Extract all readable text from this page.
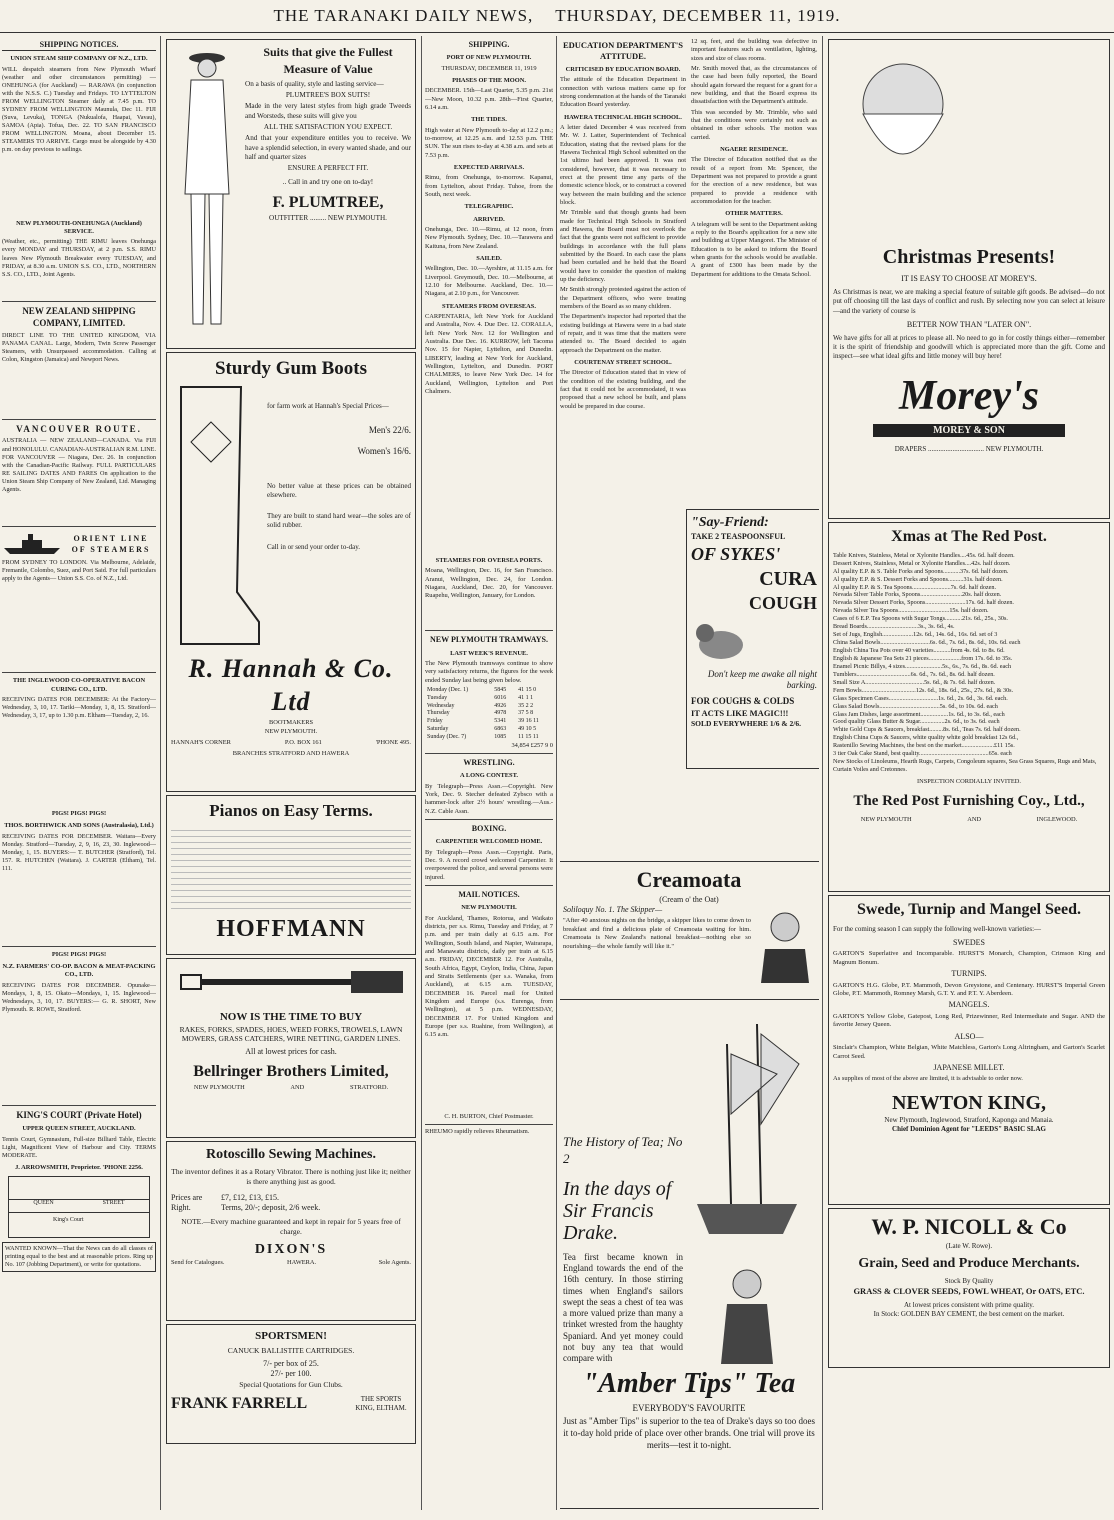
THE TARANAKI DAILY NEWS, THURSDAY, DECEMBER 11, 1919.
SHIPPING NOTICES.
UNION STEAM SHIP COMPANY OF N.Z., LTD.
WILL despatch steamers from New Plymouth Wharf (weather and other circumstances permitting) — ONEHUNGA (for Auckland) — RARAWA (in conjunction with the N.S.S. C.) Tuesday and Fridays. TO LYTTELTON FROM WELLINGTON Steamer daily at 7.45 p.m. TO SYDNEY FROM WELLINGTON Maunula, Dec 11. FIJI (Suva, Levuka), TONGA (Nukualofa, Haapai, Vavau), SAMOA (Apia). Tofua, Dec. 22. TO SAN FRANCISCO FROM WELLINGTON. Moana, about December 15. STEAMERS TO ARRIVE. Cargo must be alongside by 4.30 p.m. on day previous to sailings.
NEW PLYMOUTH-ONEHUNGA (Auckland) SERVICE.
(Weather, etc., permitting) THE RIMU leaves Onehunga every MONDAY and THURSDAY, at 2 p.m. S.S. RIMU leaves New Plymouth Breakwater every TUESDAY, and FRIDAY, at 8.30 a.m. UNION S.S. CO., LTD., NORTHERN S.S. CO., LTD., Joint Agents.
NEW ZEALAND SHIPPING COMPANY, LIMITED.
DIRECT LINE TO THE UNITED KINGDOM, VIA PANAMA CANAL. Large, Modern, Twin Screw Passenger Steamers, with Unsurpassed accommodation. Calling at Colon, Kingston (Jamaica) and Newport News.
VANCOUVER ROUTE.
AUSTRALIA — NEW ZEALAND—CANADA. Via FIJI and HONOLULU. CANADIAN-AUSTRALIAN R.M. LINE. FOR VANCOUVER — Niagara, Dec. 26. In conjunction with the Canadian-Pacific Railway. FULL PARTICULARS RE SAILING DATES AND FARES On application to the Union Steam Ship Company of New Zealand, Ltd. Managing Agents.
ORIENT LINE OF STEAMERS
FROM SYDNEY TO LONDON. Via Melbourne, Adelaide, Fremantle, Colombo, Suez, and Port Said. For full particulars apply to the Agents— Union S.S. Co. of N.Z., Ltd.
THE INGLEWOOD CO-OPERATIVE BACON CURING CO., LTD.
RECEIVING DATES FOR DECEMBER: At the Factory—Wednesday, 3, 10, 17. Tariki—Monday, 1, 8, 15. Stratford—Wednesday, 3, 17, up to 1.30 p.m. Eltham—Tuesday, 2, 16.
PIGS! PIGS! PIGS!
THOS. BORTHWICK AND SONS (Australasia), Ltd.)
RECEIVING DATES FOR DECEMBER. Waitara—Every Monday. Stratford—Tuesday, 2, 9, 16, 23, 30. Inglewood—Monday, 1, 15. BUYERS:— T. BUTCHER (Stratford), Tel. 157. R. HUTCHEN (Waitara). J. CARTER (Eltham), Tel. 111.
PIGS! PIGS! PIGS!
N.Z. FARMERS' CO-OP. BACON & MEAT-PACKING CO., LTD.
RECEIVING DATES FOR DECEMBER. Opunake—Mondays, 1, 8, 15. Okato—Mondays, 1, 15. Inglewood—Wednesdays, 3, 10, 17. BUYERS:— G. R. SHORT, New Plymouth. R. ROWE, Stratford.
KING'S COURT (Private Hotel)
UPPER QUEEN STREET, AUCKLAND.
Tennis Court, Gymnasium, Full-size Billiard Table, Electric Light, Magnificent View of Harbour and City. TERMS MODERATE.
J. ARROWSMITH, Proprietor. 'PHONE 2256.
QUEEN	STREET
King's Court
WANTED KNOWN—That the News can do all classes of printing equal to the best and at reasonable prices. Ring up No. 107 (Jobbing Department), or write for quotations.
Suits that give the Fullest Measure of Value
On a basis of quality, style and lasting service—
PLUMTREE'S BOX SUITS!
Made in the very latest styles from high grade Tweeds and Worsteds, these suits will give you
ALL THE SATISFACTION YOU EXPECT.
And that your expenditure entitles you to receive. We have a splendid selection, in every wanted shade, and our half and quarter sizes
ENSURE A PERFECT FIT.
.. Call in and try one on to-day!
F. PLUMTREE,
OUTFITTER ......... NEW PLYMOUTH.
Sturdy Gum Boots
for farm work at Hannah's Special Prices—
Men's 22/6.
Women's 16/6.
No better value at these prices can be obtained elsewhere.
They are built to stand hard wear—the soles are of solid rubber.
Call in or send your order to-day.
R. Hannah & Co. Ltd
BOOTMAKERS
NEW PLYMOUTH.
HANNAH'S CORNER	P.O. BOX 161	'PHONE 495.
BRANCHES STRATFORD AND HAWERA
Pianos on Easy Terms.
HOFFMANN
NOW IS THE TIME TO BUY
RAKES, FORKS, SPADES, HOES, WEED FORKS, TROWELS, LAWN MOWERS, GRASS CATCHERS, WIRE NETTING, GARDEN LINES.
All at lowest prices for cash.
Bellringer Brothers Limited,
NEW PLYMOUTH	AND	STRATFORD.
Rotoscillo Sewing Machines.
The inventor defines it as a Rotary Vibrator. There is nothing just like it; neither is there anything just as good.
Prices are Right.
£7, £12, £13, £15.
Terms, 20/-; deposit, 2/6 week.
NOTE.—Every machine guaranteed and kept in repair for 5 years free of charge.
DIXON'S
Send for Catalogues.	HAWERA.	Sole Agents.
SPORTSMEN!
CANUCK BALLISTITE CARTRIDGES.
7/- per box of 25.
27/- per 100.
Special Quotations for Gun Clubs.
FRANK FARRELL	THE SPORTS KING, ELTHAM.
SHIPPING.
PORT OF NEW PLYMOUTH.
THURSDAY, DECEMBER 11, 1919
PHASES OF THE MOON.
DECEMBER. 15th—Last Quarter, 5.35 p.m. 21st—New Moon, 10.32 p.m. 28th—First Quarter, 6.14 a.m.
THE TIDES.
High water at New Plymouth to-day at 12.2 p.m.; to-morrow, at 12.25 a.m. and 12.53 p.m. THE SUN. The sun rises to-day at 4.38 a.m. and sets at 7.53 p.m.
EXPECTED ARRIVALS.
Rimu, from Onehunga, to-morrow. Kapanui, from Lyttelton, about Friday. Tuhoe, from the South, next week.
TELEGRAPHIC.
ARRIVED.
Onehunga, Dec. 10.—Rimu, at 12 noon, from New Plymouth. Sydney, Dec. 10.—Tarawera and Kaituna, from New Zealand.
SAILED.
Wellington, Dec. 10.—Ayrshire, at 11.15 a.m. for Liverpool. Greymouth, Dec. 10.—Melbourne, at 12.10 for Melbourne. Auckland, Dec. 10.—Niagara, at 2.10 p.m., for Vancouver.
STEAMERS FROM OVERSEAS.
CARPENTARIA, left New York for Auckland and Australia, Nov. 4. Due Dec. 12. CORALLA, left New York Nov. 12 for Wellington and Australia. Due Dec. 16. KURROW, left Tacoma Nov. 15 for Napier, Lyttelton, and Dunedin. LIBERTY, leading at New York for Auckland, Wellington, Lyttelton, and Dunedin. PORT CHALMERS, to leave New York Dec. 14 for Auckland, Wellington, Lyttelton and Port Chalmers.
STEAMERS FOR OVERSEA PORTS.
Moana, Wellington, Dec. 16, for San Francisco. Aranui, Wellington, Dec. 24, for London. Niagara, Auckland, Dec. 20, for Vancouver. Ruapehu, Wellington, January, for London.
NEW PLYMOUTH TRAMWAYS.
LAST WEEK'S REVENUE.
The New Plymouth tramways continue to show very satisfactory returns, the figures for the week ended Sunday last being given below.
Monday (Dec. 1)	5845	41 15 0
Tuesday	6016	41 1 1
Wednesday	4926	35 2 2
Thursday	4978	37 5 8
Friday	5341	39 16 11
Saturday	6863	49 10 5
Sunday (Dec. 7)	1085	11 15 11
34,854 £257 9 0
WRESTLING.
A LONG CONTEST.
By Telegraph—Press Assn.—Copyright. New York, Dec. 9. Stecher defeated Zybsco with a hammer-lock after 2½ hours' wrestling.—Aus.-N.Z. Cable Assn.
BOXING.
CARPENTIER WELCOMED HOME.
By Telegraph—Press Assn.—Copyright. Paris, Dec. 9. A record crowd welcomed Carpentier. It overpowered the police, and several persons were injured.
MAIL NOTICES.
NEW PLYMOUTH.
For Auckland, Thames, Rotorua, and Waikato districts, per s.s. Rimu, Tuesday and Friday, at 7 p.m. and per train daily at 6.15 a.m. For Wellington, South Island, and Napier, Wairarapa, and Manawatu districts, daily per train at 6.15 a.m. FRIDAY, DECEMBER 12. For Australia, South Africa, Egypt, Ceylon, India, China, Japan and Straits Settlements (per s.s. Wanaka, from Auckland), at 6.15 a.m. TUESDAY, DECEMBER 16. Parcel mail for United Kingdom and Europe (s.s. Eurenga, from Wellington), at 5 p.m. WEDNESDAY, DECEMBER 17. For United Kingdom and Europe (per s.s. Ruahine, from Wellington), at 6.15 a.m.
C. H. BURTON, Chief Postmaster.
RHEUMO rapidly relieves Rheumatism.
EDUCATION DEPARTMENT'S ATTITUDE.
CRITICISED BY EDUCATION BOARD.
The attitude of the Education Department in connection with various matters came up for strong condemnation at the hands of the Taranaki Education Board yesterday.
HAWERA TECHNICAL HIGH SCHOOL.
A letter dated December 4 was received from Mr. W. J. Latter, Superintendent of Technical Education, stating that the revised plans for the Hawera Technical High School submitted on the 1st ultimo had been approved. It was not considered, however, that it was necessary to erect at the present time any parts of the domestic science block, or to construct a covered way between the main building and the science block.
Mr Trimble said that though grants had been made for Technical High Schools in Stratford and Hawera, the Board must not overlook the fact that the grants were not sufficient to provide buildings in accordance with the full plans submitted by the Board. In each case the plans had been curtailed and he held that the Board would have to consider the question of making up the deficiency.
Mr Smith strongly protested against the action of the Department officers, who were treating members of the Board as so many children.
The Department's inspector had reported that the existing buildings at Hawera were in a bad state of repair, and it was time that the matters were attended to. The Board decided to again approach the Department on the matter.
COURTENAY STREET SCHOOL.
The Director of Education stated that in view of the condition of the existing building, and the fact that it could not be accommodated, it was proposed that a new school be built, and plans would be prepared in due course.
12 sq. feet, and the building was defective in important features such as ventilation, lighting, sizes and size of class rooms.
Mr. Smith moved that, as the circumstances of the case had been fully reported, the Board should again forward the request for a grant for a new building, and that the Board express its dissatisfaction with the Department's attitude.
This was seconded by Mr. Trimble, who said that the conditions were certainly not such as obtained in other schools. The motion was carried.
NGAERE RESIDENCE.
The Director of Education notified that as the result of a report from Mr. Spencer, the Department was not prepared to provide a grant for the erection of a new residence, but was prepared to provide a residence with accommodation for the teacher.
OTHER MATTERS.
A telegram will be sent to the Department asking a reply to the Board's application for a new site and building at Upper Mangorei. The Minister of Education is to be asked to inform the Board when grants for the schools would be available. A grant of £300 has been made by the Department for additions to the Omata School.
"Say-Friend:
TAKE 2 TEASPOONSFUL
OF SYKES'
CURA
COUGH
Don't keep me awake all night barking.
FOR COUGHS & COLDS
IT ACTS LIKE MAGIC!!!
SOLD EVERYWHERE 1/6 & 2/6.
Creamoata
(Cream o' the Oat)
Soliloquy No. 1. The Skipper—
"After 40 anxious nights on the bridge, a skipper likes to come down to breakfast and find a delicious plate of Creamoata waiting for him. Creamoata is New Zealand's national breakfast—nothing else so nourishing—the whole family will like it."
The History of Tea; No 2
In the days of Sir Francis Drake.
Tea first became known in England towards the end of the 16th century. In those stirring times when England's sailors swept the seas a chest of tea was a more valued prize than many a trinket wrested from the haughty Spaniard. And yet money could not buy any tea that would compare with
"Amber Tips" Tea
EVERYBODY'S FAVOURITE
Just as "Amber Tips" is superior to the tea of Drake's days so too does it to-day hold pride of place over other brands. One trial will prove its merits—test it to-night.
Christmas Presents!
IT IS EASY TO CHOOSE AT MOREY'S.
As Christmas is near, we are making a special feature of suitable gift goods. Be advised—do not put off choosing till the last days of conflict and rush. By selecting now you can select at leisure—and the variety of course is
BETTER NOW THAN "LATER ON".
We have gifts for all at prices to please all. No need to go in for costly things either—remember it is the spirit of friendship and goodwill which is appreciated more than the gift. Come and inspect—see what ideal gifts and little money will buy here!
Morey's
MOREY & SON
DRAPERS ................................ NEW PLYMOUTH.
Xmas at The Red Post.
Table Knives, Stainless, Metal or Xylonite Handles....45s. 6d. half dozen.
Dessert Knives, Stainless, Metal or Xylonite Handles....42s. half dozen.
Al quality E.P. & S. Table Forks and Spoons...........37s. 6d. half dozen.
Al quality E.P. & S. Dessert Forks and Spoons..........31s. half dozen.
Al quality E.P. & S. Tea Spoons.........................7s. 6d. half dozen.
Nevada Silver Table Forks, Spoons...........................20s. half dozen.
Nevada Silver Dessert Forks, Spoons..........................17s. 6d. half dozen.
Nevada Silver Tea Spoons.................................15s. half dozen.
Cases of 6 E.P. Tea Spoons with Sugar Tongs...........21s. 6d., 25s., 30s.
Bread Boards.................................3s., 3s. 6d., 4s.
Set of Jugs, English....................12s. 6d., 14s. 6d., 16s. 6d. set of 3
China Salad Bowls................................6s. 6d., 7s. 6d., 8s. 6d., 10s. 6d. each
English China Tea Pots over 40 varieties...........from 4s. 6d. to 8s. 6d.
English & Japanese Tea Sets 21 pieces.....................from 17s. 6d. to 35s.
Enamel Picnic Billys, 4 sizes........................5s., 6s., 7s. 6d., 8s. 6d. each
Tumblers...................................6s. 6d., 7s. 6d., 8s. 6d. half dozen.
Small Size A......................................5s. 6d., & 7s. 6d. half dozen.
Fern Bowls...................................12s. 6d., 18s. 6d., 25s., 27s. 6d., & 30s.
Glass Specimen Cases................................1s. 6d., 2s. 6d., 3s. 6d. each.
Glass Salad Bowls.......................................5s. 6d., to 10s. 6d. each
Glass Jam Dishes, large assortment..................1s. 6d., to 3s. 6d., each
Good quality Glass Butter & Sugar................2s. 6d., to 3s. 6d. each
White Gold Cups & Saucers, breakfast.........8s. 6d., Teas 7s. 6d. half dozen.
English China Cups & Saucers, white quality white gold breakfast 12s 6d.,
Rastenillo Sewing Machines, the best on the market.....................£11 15s.
3 tier Oak Cake Stand, best quality.............................................65s. each
New Stocks of Linoleums, Hearth Rugs, Carpets, Congoleum squares, Sea Grass Squares, Rugs and Mats, Curtain Voiles and Cretonnes.
INSPECTION CORDIALLY INVITED.
The Red Post Furnishing Coy., Ltd.,
NEW PLYMOUTH	AND	INGLEWOOD.
Swede, Turnip and Mangel Seed.
For the coming season I can supply the following well-known varieties:—
SWEDES
GARTON'S Superlative and Incomparable. HURST'S Monarch, Champion, Crimson King and Magnum Bonum.
TURNIPS.
GARTON'S H.G. Globe, P.T. Mammoth, Devon Greystone, and Centenary. HURST'S Imperial Green Globe, P.T. Mammoth, Romney Marsh, G.T. Y. and P.T. Y. Aberdeen.
MANGELS.
GARTON'S Yellow Globe, Gatepost, Long Red, Prizewinner, Red Intermediate and Sugar. AND the favorite Jersey Queen.
ALSO—
Sinclair's Champion, White Belgian, White Matchless, Garton's Long Altringham, and Garton's Scarlet Carrot Seed.
JAPANESE MILLET.
As supplies of most of the above are limited, it is advisable to order now.
NEWTON KING,
New Plymouth, Inglewood, Stratford, Kaponga and Manaia.
Chief Dominion Agent for "LEEDS" BASIC SLAG
W. P. NICOLL & Co
(Late W. Rowe).
Grain, Seed and Produce Merchants.
Stock By Quality
GRASS & CLOVER SEEDS, FOWL WHEAT, Or OATS, ETC.
At lowest prices consistent with prime quality.
In Stock: GOLDEN BAY CEMENT, the best cement on the market.
